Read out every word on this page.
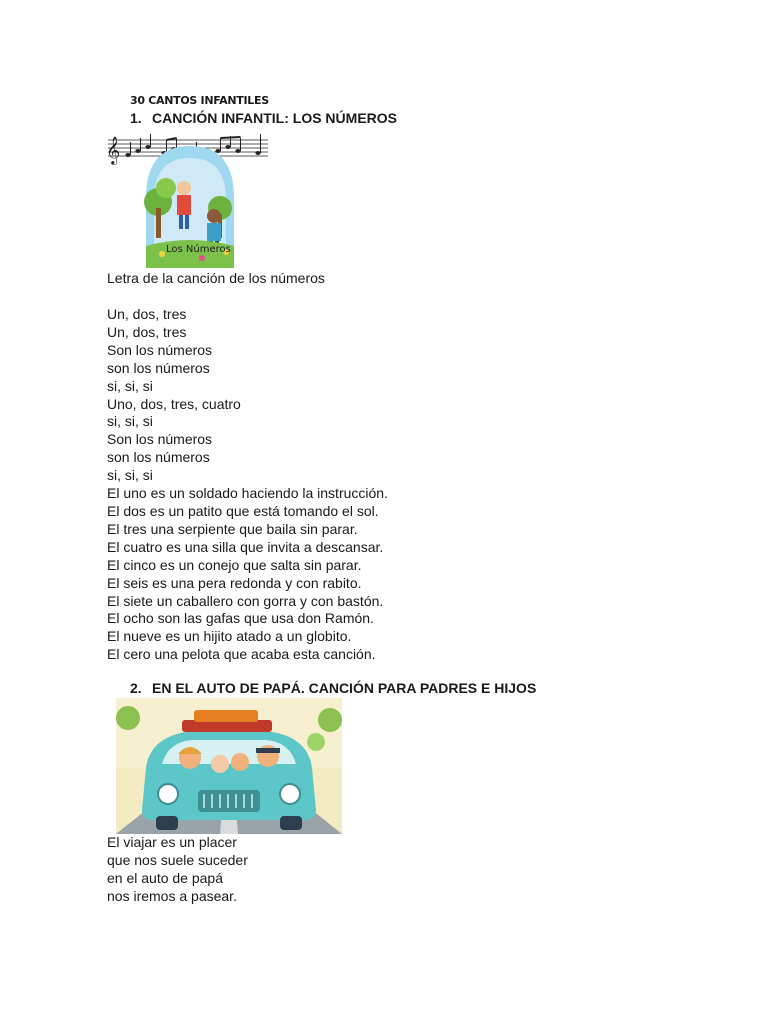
30 CANTOS INFANTILES
1. CANCIÓN INFANTIL: LOS NÚMEROS
𝄞
Los Números
Letra de la canción de los números
Un, dos, tres
Un, dos, tres
Son los números
son los números
si, si, si
Uno, dos, tres, cuatro
si, si, si
Son los números
son los números
si, si, si
El uno es un soldado haciendo la instrucción.
El dos es un patito que está tomando el sol.
El tres una serpiente que baila sin parar.
El cuatro es una silla que invita a descansar.
El cinco es un conejo que salta sin parar.
El seis es una pera redonda y con rabito.
El siete un caballero con gorra y con bastón.
El ocho son las gafas que usa don Ramón.
El nueve es un hijito atado a un globito.
El cero una pelota que acaba esta canción.
2. EN EL AUTO DE PAPÁ. CANCIÓN PARA PADRES E HIJOS
El viajar es un placer
que nos suele suceder
en el auto de papá
nos iremos a pasear.
